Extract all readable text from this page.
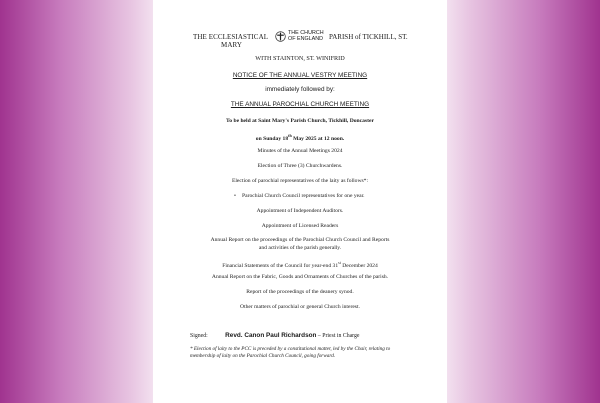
THE ECCLESIASTICAL
MARY
THE CHURCH
OF ENGLAND PARISH of TICKHILL, ST.
WITH STAINTON, ST. WINIFRID
NOTICE OF THE ANNUAL VESTRY MEETING
immediately followed by:
THE ANNUAL PAROCHIAL CHURCH MEETING
To be held at Saint Mary's Parish Church, Tickhill, Doncaster
on Sunday 18th May 2025 at 12 noon.
Minutes of the Annual Meetings 2024
Election of Three (3) Churchwardens.
Election of parochial representatives of the laity as follows*:
• Parochial Church Council representatives for one year.
Appointment of Independent Auditors.
Appointment of Licensed Readers
Annual Report on the proceedings of the Parochial Church Council and Reports
and activities of the parish generally.
Financial Statements of the Council for year-end 31st December 2024
Annual Report on the Fabric, Goods and Ornaments of Churches of the parish.
Report of the proceedings of the deanery synod.
Other matters of parochial or general Church interest.
Signed:	Revd. Canon Paul Richardson – Priest in Charge
* Election of laity to the PCC is preceded by a constitutional matter, led by the Chair, relating to membership of laity on the Parochial Church Council, going forward.
